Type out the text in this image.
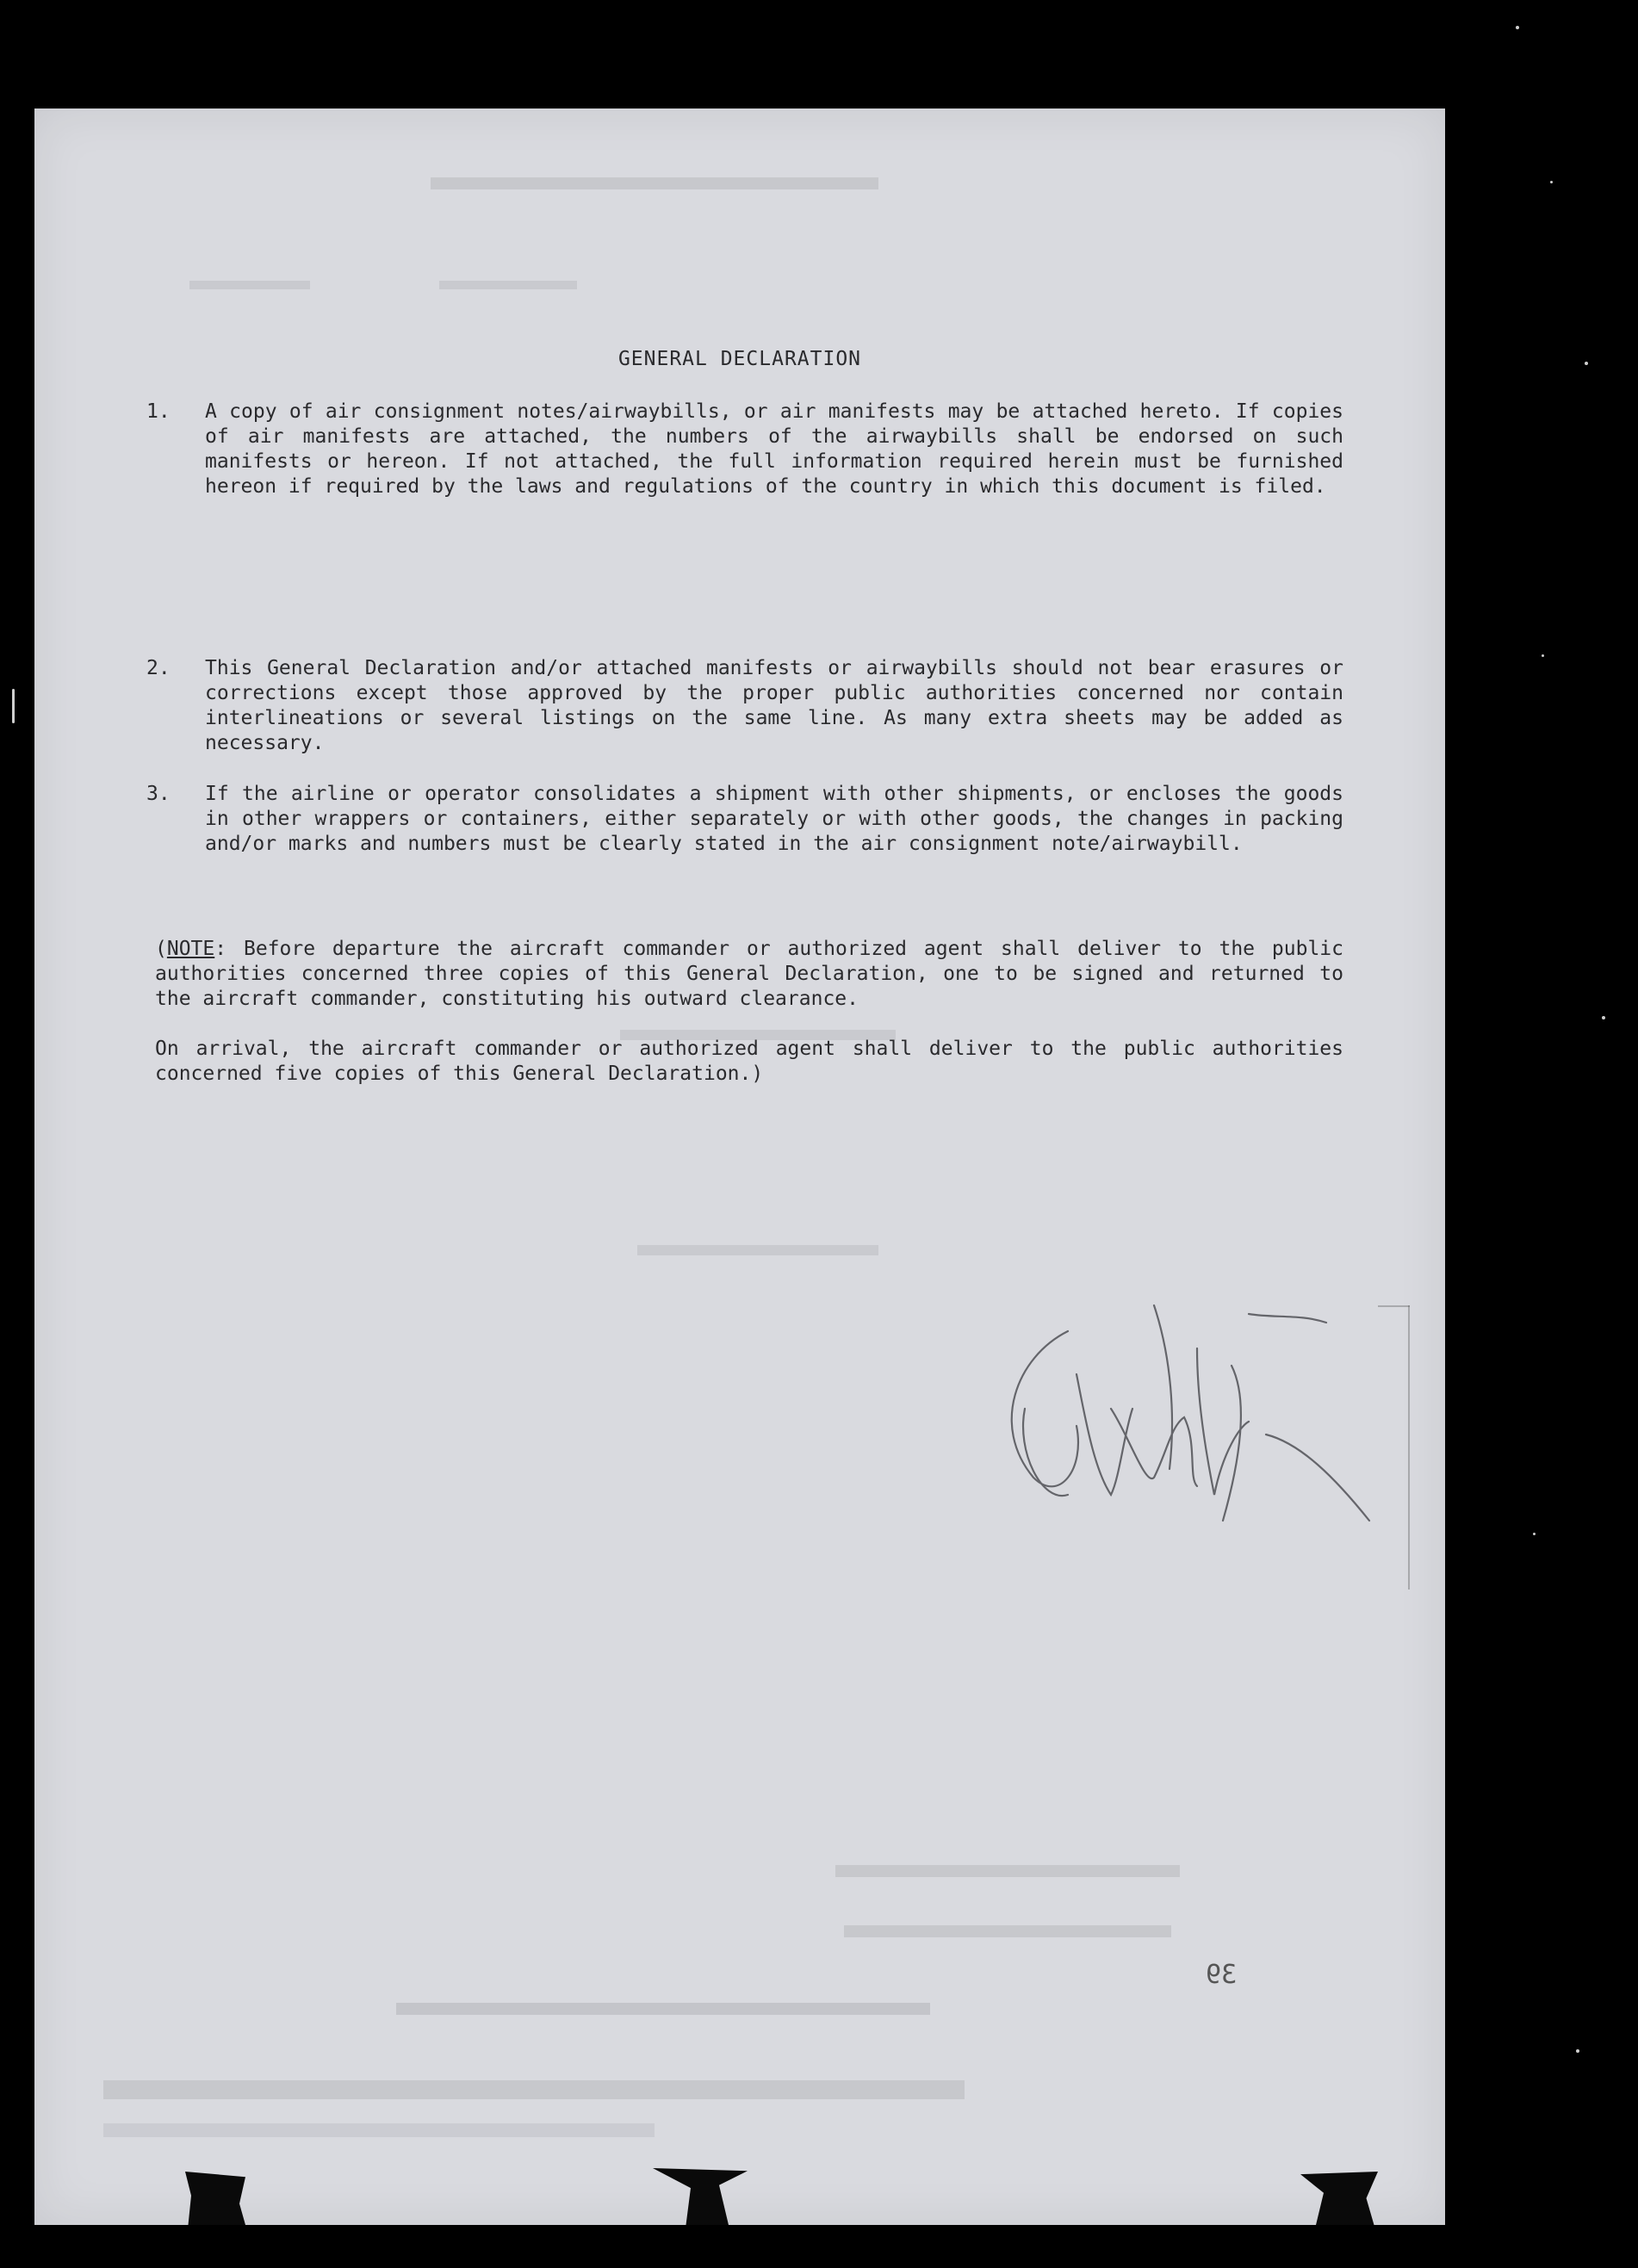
GENERAL DECLARATION
1.	A copy of air consignment notes/airwaybills, or air manifests may be attached hereto. If copies of air manifests are attached, the numbers of the airwaybills shall be endorsed on such manifests or hereon. If not attached, the full information required herein must be furnished hereon if required by the laws and regulations of the country in which this document is filed.
2.	This General Declaration and/or attached manifests or airwaybills should not bear erasures or corrections except those approved by the proper public authorities concerned nor contain interlineations or several listings on the same line. As many extra sheets may be added as necessary.
3.	If the airline or operator consolidates a shipment with other shipments, or encloses the goods in other wrappers or containers, either separately or with other goods, the changes in packing and/or marks and numbers must be clearly stated in the air consignment note/airwaybill.
(NOTE: Before departure the aircraft commander or authorized agent shall deliver to the public authorities concerned three copies of this General Declaration, one to be signed and returned to the aircraft commander, constituting his outward clearance.
On arrival, the aircraft commander or authorized agent shall deliver to the public authorities concerned five copies of this General Declaration.)
39
